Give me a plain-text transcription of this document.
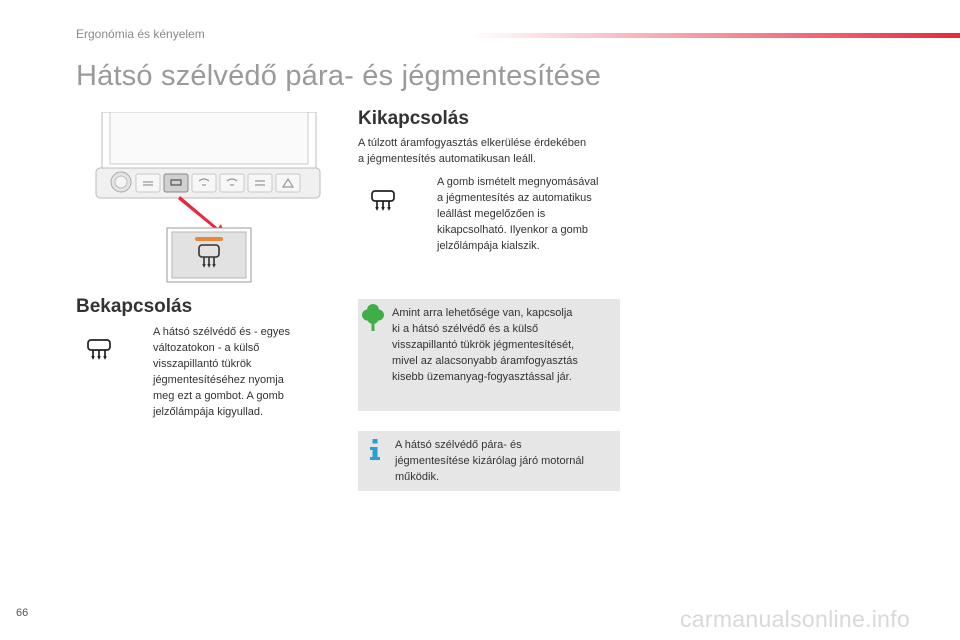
Ergonómia és kényelem
Hátsó szélvédő pára- és jégmentesítése
Bekapcsolás
A hátsó szélvédő és - egyes
változatokon - a külső
visszapillantó tükrök
jégmentesítéséhez nyomja
meg ezt a gombot. A gomb
jelzőlámpája kigyullad.
Kikapcsolás
A túlzott áramfogyasztás elkerülése érdekében
a jégmentesítés automatikusan leáll.
A gomb ismételt megnyomásával
a jégmentesítés az automatikus
leállást megelőzően is
kikapcsolható. Ilyenkor a gomb
jelzőlámpája kialszik.
Amint arra lehetősége van, kapcsolja
ki a hátsó szélvédő és a külső
visszapillantó tükrök jégmentesítését,
mivel az alacsonyabb áramfogyasztás
kisebb üzemanyag-fogyasztással jár.
A hátsó szélvédő pára- és
jégmentesítése kizárólag járó motornál
működik.
66	carmanualsonline.info
